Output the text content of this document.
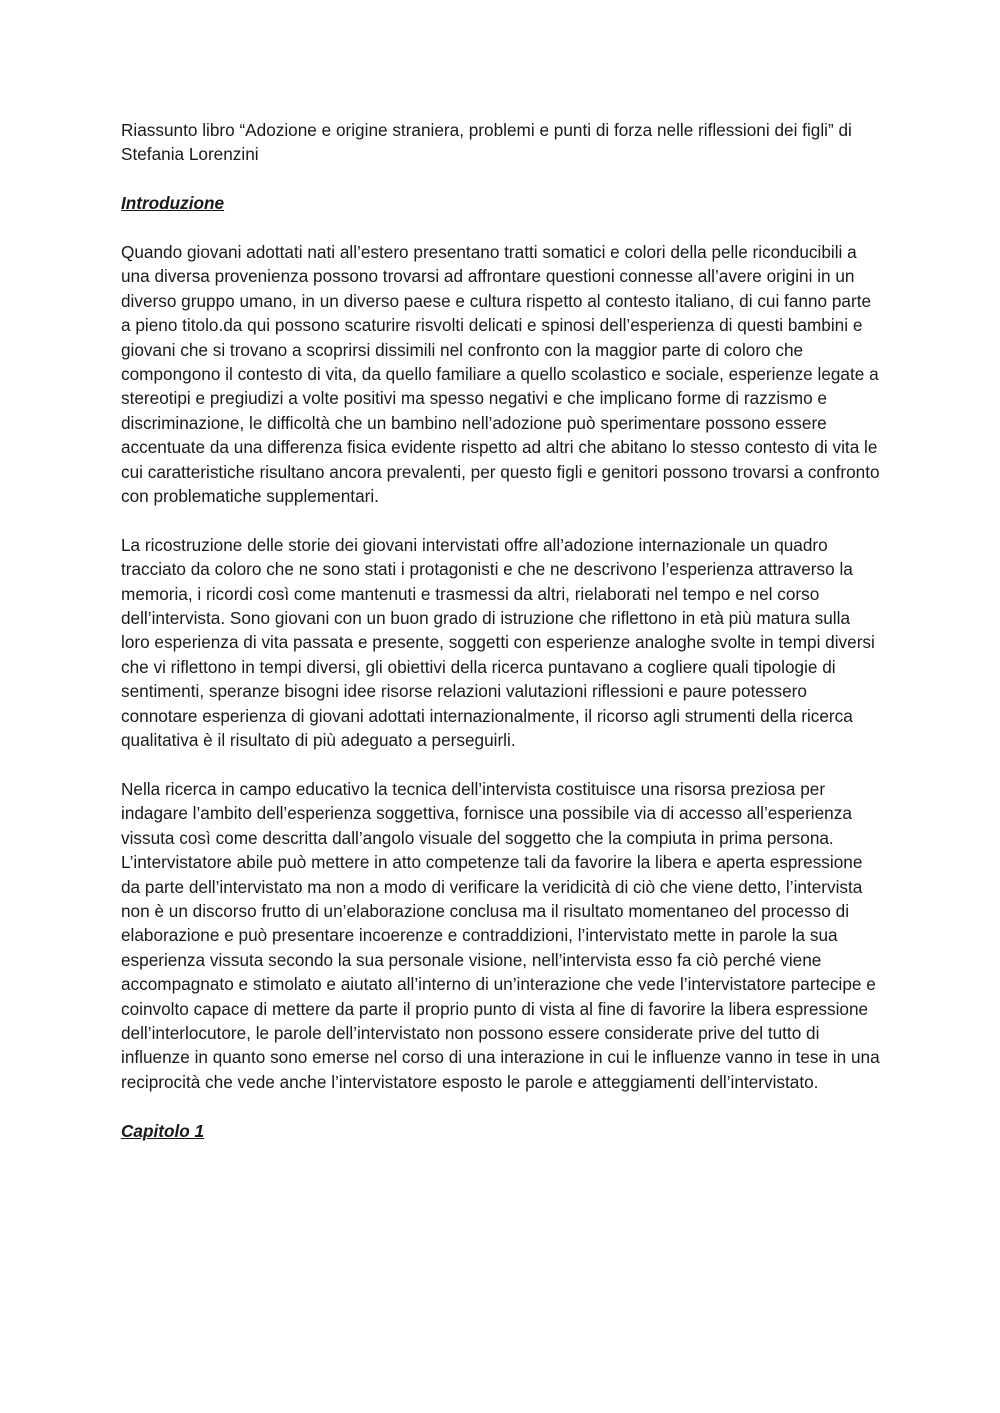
Riassunto libro “Adozione e origine straniera, problemi e punti di forza nelle riflessioni dei figli” di Stefania Lorenzini
Introduzione

Quando giovani adottati nati all’estero presentano tratti somatici e colori della pelle riconducibili a una diversa provenienza possono trovarsi ad affrontare questioni connesse all’avere origini in un diverso gruppo umano, in un diverso paese e cultura rispetto al contesto italiano, di cui fanno parte a pieno titolo.da qui possono scaturire risvolti delicati e spinosi dell’esperienza di questi bambini e giovani che si trovano a scoprirsi dissimili nel confronto con la maggior parte di coloro che compongono il contesto di vita, da quello familiare a quello scolastico e sociale, esperienze legate a stereotipi e pregiudizi a volte positivi ma spesso negativi e che implicano forme di razzismo e discriminazione, le difficoltà che un bambino nell’adozione può sperimentare possono essere accentuate da una differenza fisica evidente rispetto ad altri che abitano lo stesso contesto di vita le cui caratteristiche risultano ancora prevalenti, per questo figli e genitori possono trovarsi a confronto con problematiche supplementari.

La ricostruzione delle storie dei giovani intervistati offre all’adozione internazionale un quadro tracciato da coloro che ne sono stati i protagonisti e che ne descrivono l’esperienza attraverso la memoria, i ricordi così come mantenuti e trasmessi da altri, rielaborati nel tempo e nel corso dell’intervista. Sono giovani con un buon grado di istruzione che riflettono in età più matura sulla loro esperienza di vita passata e presente, soggetti con esperienze analoghe svolte in tempi diversi che vi riflettono in tempi diversi, gli obiettivi della ricerca puntavano a cogliere quali tipologie di sentimenti, speranze bisogni idee risorse relazioni valutazioni riflessioni e paure potessero connotare esperienza di giovani adottati internazionalmente, il ricorso agli strumenti della ricerca qualitativa è il risultato di più adeguato a perseguirli.

Nella ricerca in campo educativo la tecnica dell’intervista costituisce una risorsa preziosa per indagare l’ambito dell’esperienza soggettiva, fornisce una possibile via di accesso all’esperienza vissuta così come descritta dall’angolo visuale del soggetto che la compiuta in prima persona. L’intervistatore abile può mettere in atto competenze tali da favorire la libera e aperta espressione da parte dell’intervistato ma non a modo di verificare la veridicità di ciò che viene detto, l’intervista non è un discorso frutto di un’elaborazione conclusa ma il risultato momentaneo del processo di elaborazione e può presentare incoerenze e contraddizioni, l’intervistato mette in parole la sua esperienza vissuta secondo la sua personale visione, nell’intervista esso fa ciò perché viene accompagnato e stimolato e aiutato all’interno di un’interazione che vede l’intervistatore partecipe e coinvolto capace di mettere da parte il proprio punto di vista al fine di favorire la libera espressione dell’interlocutore, le parole dell’intervistato non possono essere considerate prive del tutto di influenze in quanto sono emerse nel corso di una interazione in cui le influenze vanno in tese in una reciprocità che vede anche l’intervistatore esposto le parole e atteggiamenti dell’intervistato.

Capitolo 1
